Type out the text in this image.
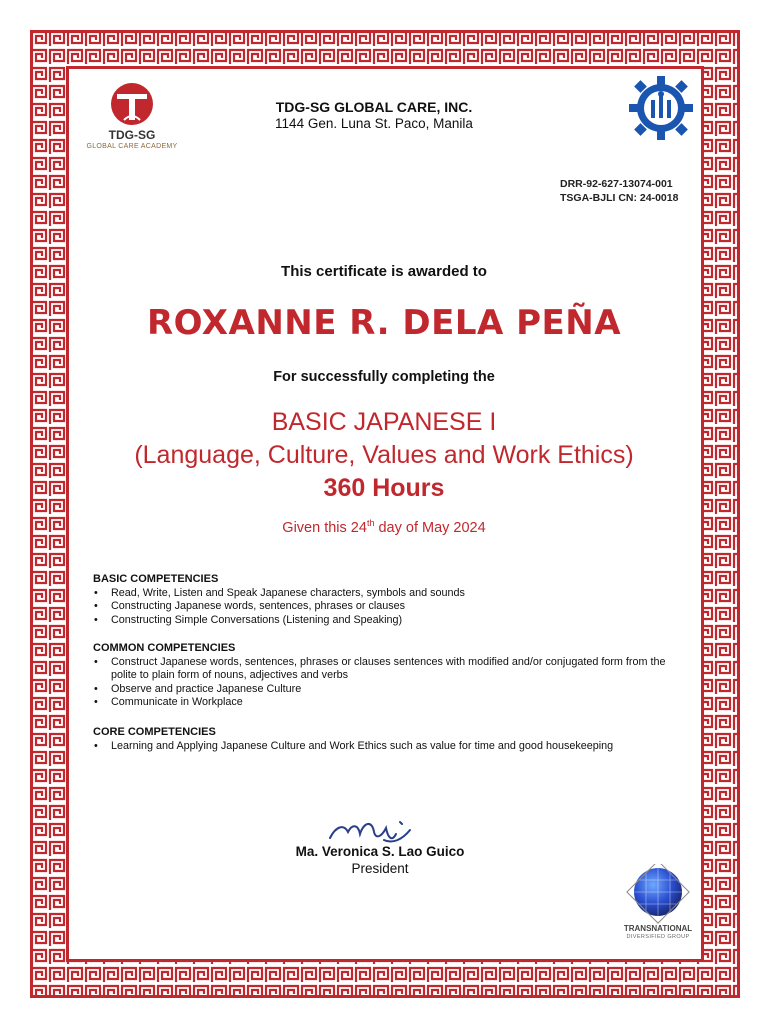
TDG-SG
GLOBAL CARE ACADEMY
TDG-SG GLOBAL CARE, INC.
1144 Gen. Luna St. Paco, Manila
DRR-92-627-13074-001
TSGA-BJLI CN: 24-0018
This certificate is awarded to
ROXANNE R. DELA PEÑA
For successfully completing the
BASIC JAPANESE I
(Language, Culture, Values and Work Ethics)
360 Hours
Given this 24th day of May 2024
BASIC COMPETENCIES
• Read, Write, Listen and Speak Japanese characters, symbols and sounds
• Constructing Japanese words, sentences, phrases or clauses
• Constructing Simple Conversations (Listening and Speaking)
COMMON COMPETENCIES
• Construct Japanese words, sentences, phrases or clauses sentences with modified and/or conjugated form from the polite to plain form of nouns, adjectives and verbs
• Observe and practice Japanese Culture
• Communicate in Workplace
CORE COMPETENCIES
• Learning and Applying Japanese Culture and Work Ethics such as value for time and good housekeeping
Ma. Veronica S. Lao Guico
President
TRANSNATIONAL
DIVERSIFIED GROUP
